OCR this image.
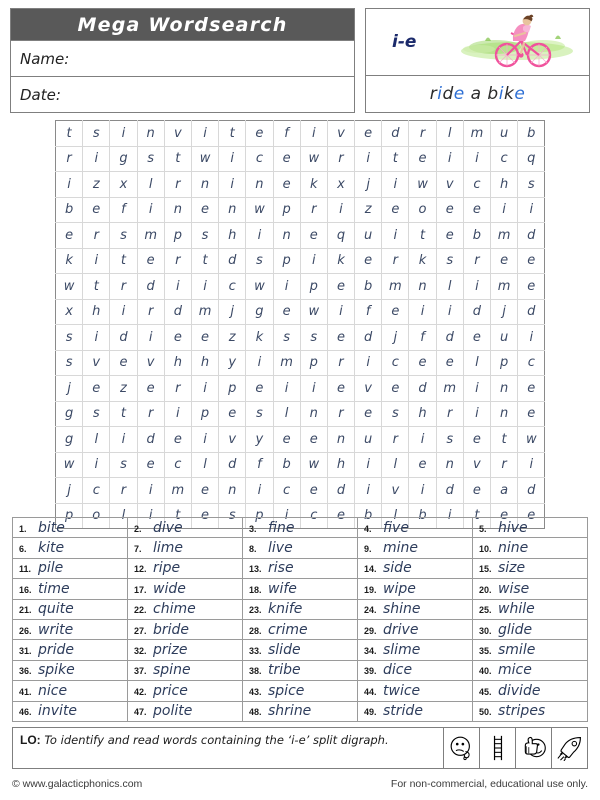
Mega Wordsearch
Name:
Date:
i-e
ride a bike
t	s	i	n	v	i	t	e	f	i	v	e	d	r	l	m	u	b
r	i	g	s	t	w	i	c	e	w	r	i	t	e	i	i	c	q
i	z	x	l	r	n	i	n	e	k	x	j	i	w	v	c	h	s
b	e	f	i	n	e	n	w	p	r	i	z	e	o	e	e	i	i
e	r	s	m	p	s	h	i	n	e	q	u	i	t	e	b	m	d
k	i	t	e	r	t	d	s	p	i	k	e	r	k	s	r	e	e
w	t	r	d	i	i	c	w	i	p	e	b	m	n	l	i	m	e
x	h	i	r	d	m	j	g	e	w	i	f	e	i	i	d	j	d
s	i	d	i	e	e	z	k	s	s	e	d	j	f	d	e	u	i
s	v	e	v	h	h	y	i	m	p	r	i	c	e	e	l	p	c
j	e	z	e	r	i	p	e	i	i	e	v	e	d	m	i	n	e
g	s	t	r	i	p	e	s	l	n	r	e	s	h	r	i	n	e
g	l	i	d	e	i	v	y	e	e	n	u	r	i	s	e	t	w
w	i	s	e	c	l	d	f	b	w	h	i	l	e	n	v	r	i
j	c	r	i	m	e	n	i	c	e	d	i	v	i	d	e	a	d
p	o	l	i	t	e	s	p	i	c	e	b	l	b	i	t	e	e
1. bite	2. dive	3. fine	4. five	5. hive
6. kite	7. lime	8. live	9. mine	10. nine
11. pile	12. ripe	13. rise	14. side	15. size
16. time	17. wide	18. wife	19. wipe	20. wise
21. quite	22. chime	23. knife	24. shine	25. while
26. write	27. bride	28. crime	29. drive	30. glide
31. pride	32. prize	33. slide	34. slime	35. smile
36. spike	37. spine	38. tribe	39. dice	40. mice
41. nice	42. price	43. spice	44. twice	45. divide
46. invite	47. polite	48. shrine	49. stride	50. stripes
LO: To identify and read words containing the ‘i-e’ split digraph.
© www.galacticphonics.com	For non-commercial, educational use only.
